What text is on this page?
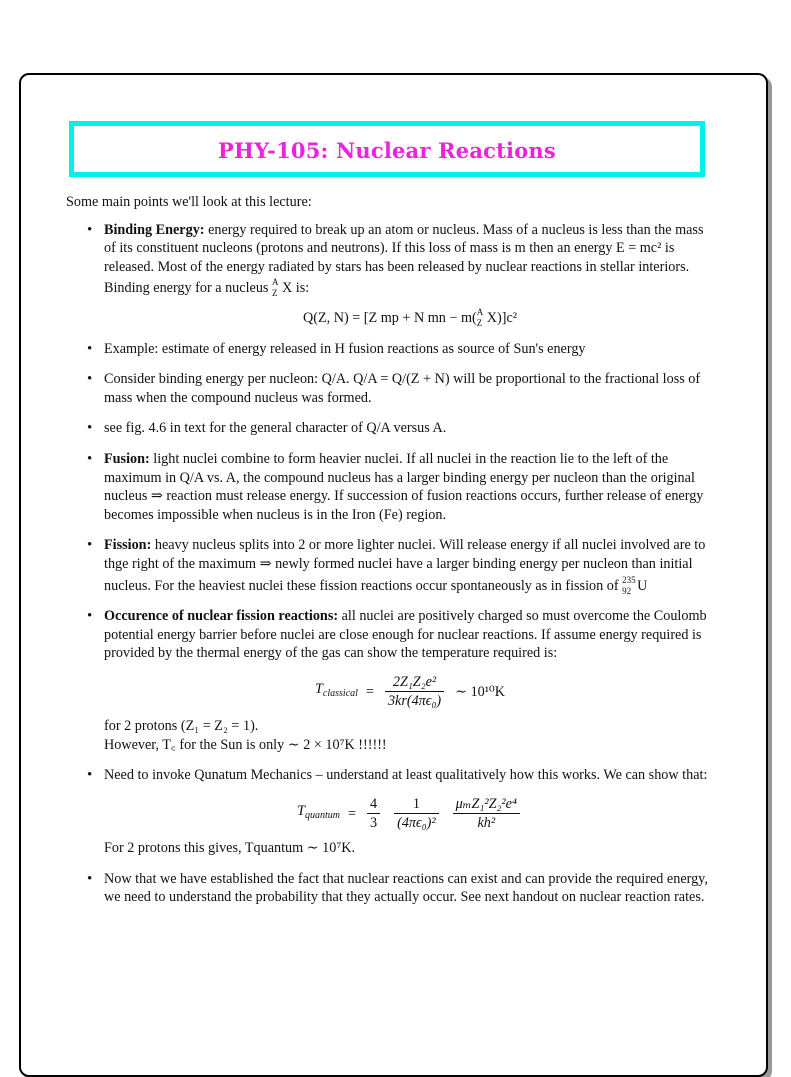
PHY-105: Nuclear Reactions

Some main points we'll look at this lecture:

• Binding Energy: energy required to break up an atom or nucleus. Mass of a nucleus is less than the mass of its constituent nucleons (protons and neutrons). If this loss of mass is m then an energy E = mc² is released. Most of the energy radiated by stars has been released by nuclear reactions in stellar interiors. Binding energy for a nucleus A
Z X is:
Q(Z, N) = [Z mp + N mn − m( A
Z X)]c²
• Example: estimate of energy released in H fusion reactions as source of Sun's energy
• Consider binding energy per nucleon: Q/A. Q/A = Q/(Z + N) will be proportional to the fractional loss of mass when the compound nucleus was formed.
• see fig. 4.6 in text for the general character of Q/A versus A.
• Fusion: light nuclei combine to form heavier nuclei. If all nuclei in the reaction lie to the left of the maximum in Q/A vs. A, the compound nucleus has a larger binding energy per nucleon than the original nucleus ⇒ reaction must release energy. If succession of fusion reactions occurs, further release of energy becomes impossible when nucleus is in the Iron (Fe) region.
• Fission: heavy nucleus splits into 2 or more lighter nuclei. Will release energy if all nuclei involved are to thge right of the maximum ⇒ newly formed nuclei have a larger binding energy per nucleon than initial nucleus. For the heaviest nuclei these fission reactions occur spontaneously as in fission of 235
92 U
• Occurence of nuclear fission reactions: all nuclei are positively charged so must overcome the Coulomb potential energy barrier before nuclei are close enough for nuclear reactions. If assume energy required is provided by the thermal energy of the gas can show the temperature required is:
$T_{classical} = \frac{\text{2Z₁Z₂e²}}{\text{3kr(4πϵ₀)}}$ ∼ 10¹⁰K
for 2 protons (Z₁ = Z₂ = 1).
However, T꜀ for the Sun is only ∼ 2 × 10⁷K !!!!!!
• Need to invoke Qunatum Mechanics – understand at least qualitatively how this works. We can show that:
$T_{quantum} = \frac{4}{3} \frac{1}{\text{(4πϵ₀)²}} \frac{\text{μₘZ₁²Z₂²e⁴}}{\text{kh²}}$
For 2 protons this gives, Tquantum ∼ 10⁷K.
• Now that we have established the fact that nuclear reactions can exist and can provide the required energy, we need to understand the probability that they actually occur. See next handout on nuclear reaction rates.
